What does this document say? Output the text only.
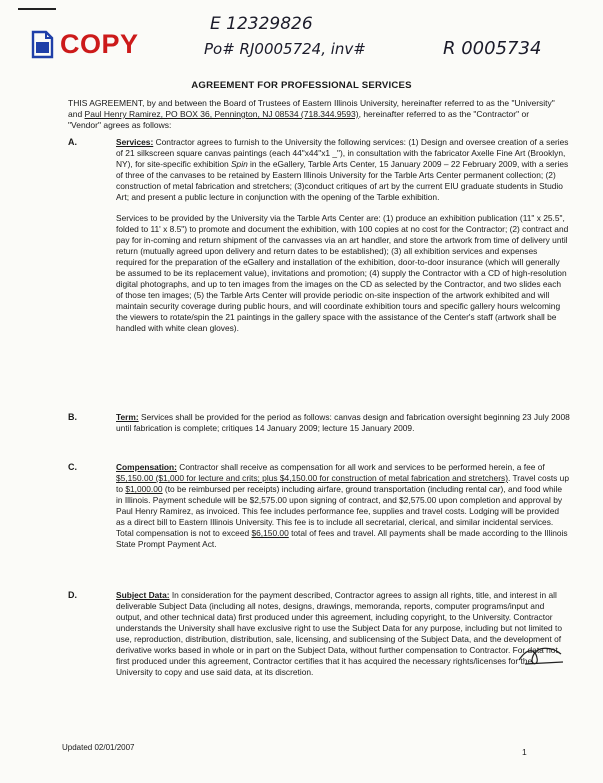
COPY
E 12329826
Po# RJ0005724, inv#	R 0005734
AGREEMENT FOR PROFESSIONAL SERVICES
THIS AGREEMENT, by and between the Board of Trustees of Eastern Illinois University, hereinafter referred to as the "University" and Paul Henry Ramirez, PO BOX 36, Pennington, NJ 08534 (718.344.9593), hereinafter referred to as the "Contractor" or "Vendor" agrees as follows:
A.	Services: Contractor agrees to furnish to the University the following services: (1) Design and oversee creation of a series of 21 silkscreen square canvas paintings (each 44"x44"x1 _"), in consultation with the fabricator Axelle Fine Art (Brooklyn, NY), for site-specific exhibition Spin in the eGallery, Tarble Arts Center, 15 January 2009 – 22 February 2009, with a series of three of the canvases to be retained by Eastern Illinois University for the Tarble Arts Center permanent collection; (2) construction of metal fabrication and stretchers; (3)conduct critiques of art by the current EIU graduate students in Studio Art; and present a public lecture in conjunction with the opening of the Tarble exhibition.

Services to be provided by the University via the Tarble Arts Center are: (1) produce an exhibition publication (11" x 25.5", folded to 11' x 8.5") to promote and document the exhibition, with 100 copies at no cost for the Contractor; (2) contract and pay for in-coming and return shipment of the canvasses via an art handler, and store the artwork from time of delivery until return (mutually agreed upon delivery and return dates to be established); (3) all exhibition services and expenses required for the preparation of the eGallery and installation of the exhibition, door-to-door insurance (which will generally be assumed to be its replacement value), invitations and promotion; (4) supply the Contractor with a CD of high-resolution digital photographs, and up to ten images from the images on the CD as selected by the Contractor, and two slides each of those ten images; (5) the Tarble Arts Center will provide periodic on-site inspection of the artwork exhibited and will maintain security coverage during public hours, and will coordinate exhibition tours and specific gallery hours welcoming the viewers to rotate/spin the 21 paintings in the gallery space with the assistance of the Center's staff (artwork shall be handled with white clean gloves).

B.	Term: Services shall be provided for the period as follows: canvas design and fabrication oversight beginning 23 July 2008 until fabrication is complete; critiques 14 January 2009; lecture 15 January 2009.

C.	Compensation: Contractor shall receive as compensation for all work and services to be performed herein, a fee of $5,150.00 ($1,000 for lecture and crits; plus $4,150.00 for construction of metal fabrication and stretchers). Travel costs up to $1,000.00 (to be reimbursed per receipts) including airfare, ground transportation (including rental car), and food while in Illinois. Payment schedule will be $2,575.00 upon signing of contract, and $2,575.00 upon completion and approval by Paul Henry Ramirez, as invoiced. This fee includes performance fee, supplies and travel costs. Lodging will be provided as a direct bill to Eastern Illinois University. This fee is to include all secretarial, clerical, and similar incidental services. Total compensation is not to exceed $6,150.00 total of fees and travel. All payments shall be made according to the Illinois State Prompt Payment Act.

D.	Subject Data: In consideration for the payment described, Contractor agrees to assign all rights, title, and interest in all deliverable Subject Data (including all notes, designs, drawings, memoranda, reports, computer programs/input and output, and other technical data) first produced under this agreement, including copyright, to the University. Contractor understands the University shall have exclusive right to use the Subject Data for any purpose, including but not limited to use, reproduction, distribution, distribution, sale, licensing, and sublicensing of the Subject Data, and the development of derivative works based in whole or in part on the Subject Data, without further compensation to Contractor. For data not first produced under this agreement, Contractor certifies that it has acquired the necessary rights/licenses for the University to copy and use said data, at its discretion.

Updated 02/01/2007	1
